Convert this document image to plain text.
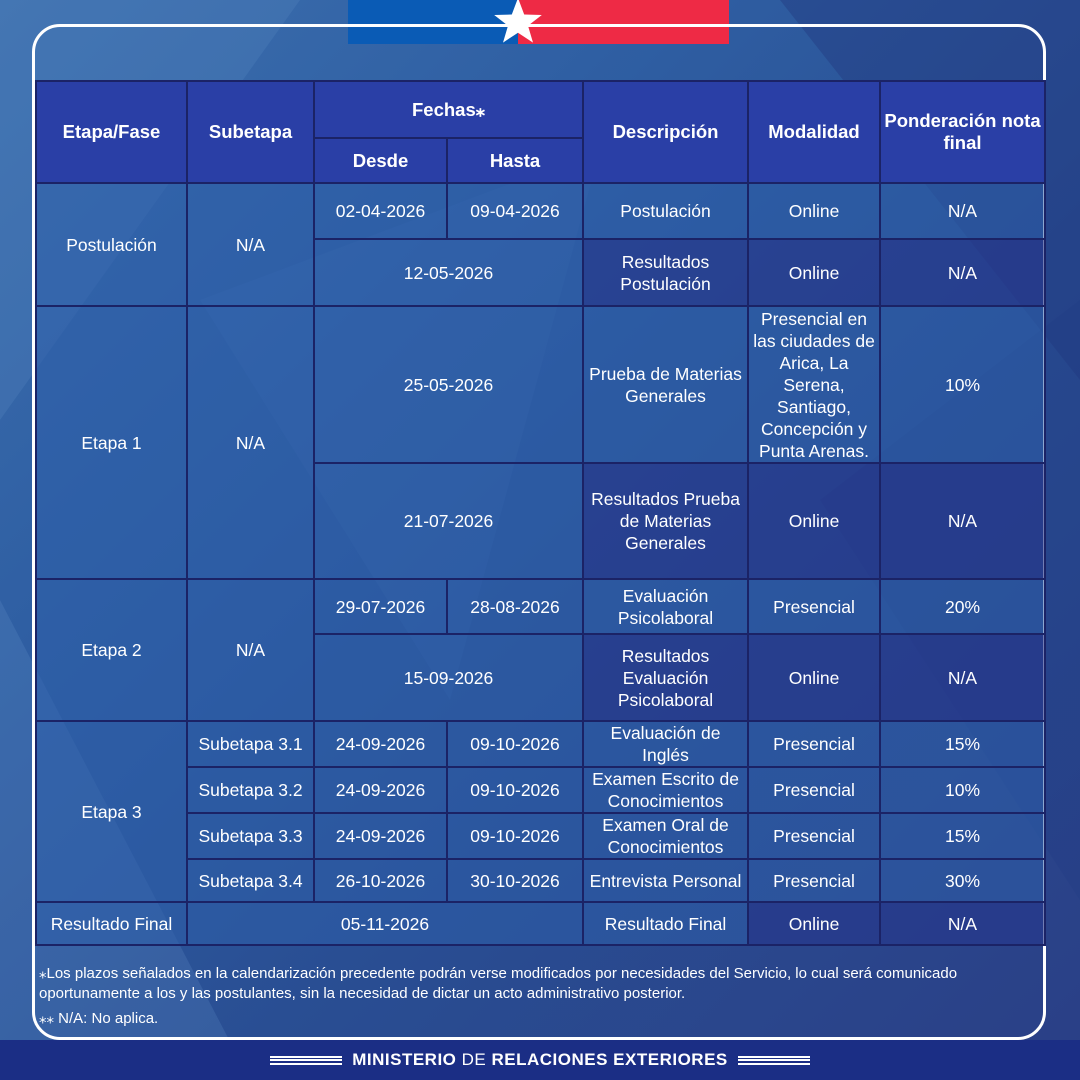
Etapa/Fase	Subetapa	Fechas⁎		Descripción	Modalidad	Ponderación nota final
		Desde	Hasta			
Postulación	N/A	02-04-2026	09-04-2026	Postulación	Online	N/A
		12-05-2026		Resultados Postulación	Online	N/A
Etapa 1	N/A	25-05-2026		Prueba de Materias Generales	Presencial en las ciudades de Arica, La Serena, Santiago, Concepción y Punta Arenas.	10%
		21-07-2026		Resultados Prueba de Materias Generales	Online	N/A
Etapa 2	N/A	29-07-2026	28-08-2026	Evaluación Psicolaboral	Presencial	20%
		15-09-2026		Resultados Evaluación Psicolaboral	Online	N/A
Etapa 3	Subetapa 3.1	24-09-2026	09-10-2026	Evaluación de Inglés	Presencial	15%
	Subetapa 3.2	24-09-2026	09-10-2026	Examen Escrito de Conocimientos	Presencial	10%
	Subetapa 3.3	24-09-2026	09-10-2026	Examen Oral de Conocimientos	Presencial	15%
	Subetapa 3.4	26-10-2026	30-10-2026	Entrevista Personal	Presencial	30%
Resultado Final	05-11-2026			Resultado Final	Online	N/A

⁎Los plazos señalados en la calendarización precedente podrán verse modificados por necesidades del Servicio, lo cual será comunicado oportunamente a los y las postulantes, sin la necesidad de dictar un acto administrativo posterior.

⁎⁎ N/A: No aplica.

MINISTERIO DE RELACIONES EXTERIORES
